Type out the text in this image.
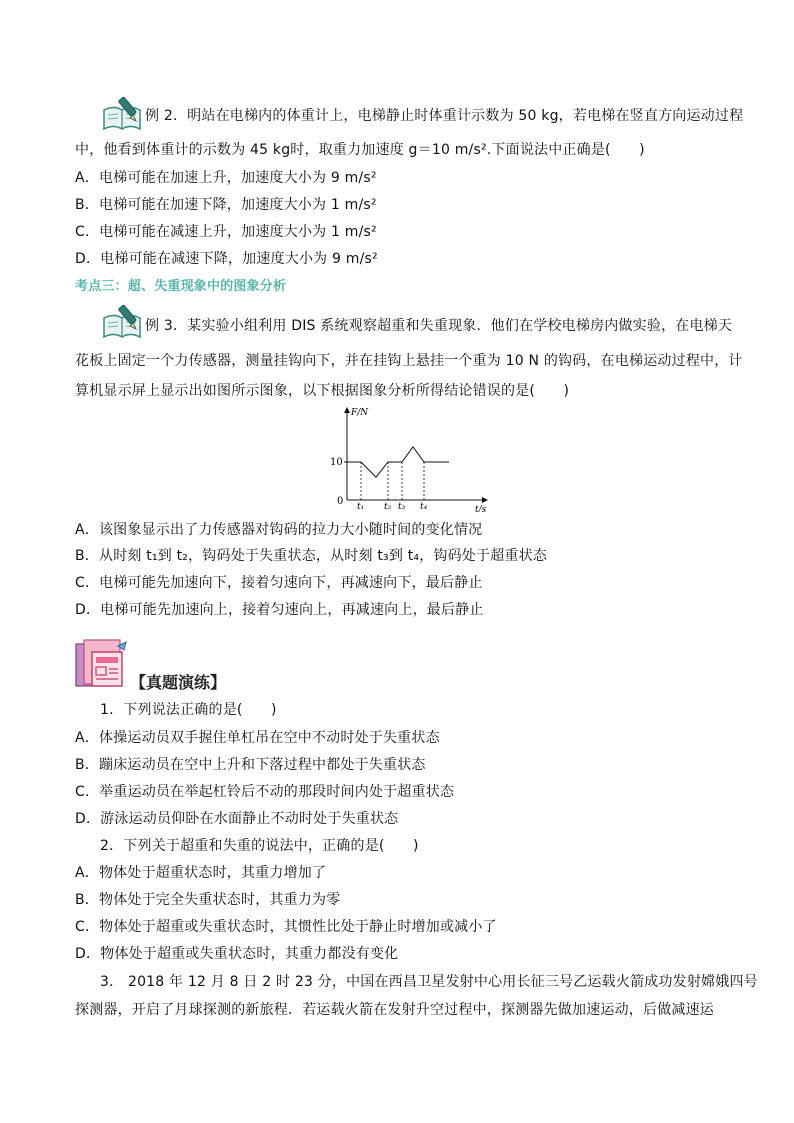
例 2．明站在电梯内的体重计上，电梯静止时体重计示数为 50 kg，若电梯在竖直方向运动过程
中，他看到体重计的示数为 45 kg时，取重力加速度 g＝10 m/s².下面说法中正确是(　　)
A．电梯可能在加速上升，加速度大小为 9 m/s²
B．电梯可能在加速下降，加速度大小为 1 m/s²
C．电梯可能在减速上升，加速度大小为 1 m/s²
D．电梯可能在减速下降，加速度大小为 9 m/s²
考点三：超、失重现象中的图象分析
例 3．某实验小组利用 DIS 系统观察超重和失重现象．他们在学校电梯房内做实验，在电梯天
花板上固定一个力传感器，测量挂钩向下，并在挂钩上悬挂一个重为 10 N 的钩码，在电梯运动过程中，计
算机显示屏上显示出如图所示图象，以下根据图象分析所得结论错误的是(　　)
F/N
t/s
0
10
t₁ t₂ t₃ t₄
A．该图象显示出了力传感器对钩码的拉力大小随时间的变化情况
B．从时刻 t₁到 t₂，钩码处于失重状态，从时刻 t₃到 t₄，钩码处于超重状态
C．电梯可能先加速向下，接着匀速向下，再减速向下，最后静止
D．电梯可能先加速向上，接着匀速向上，再减速向上，最后静止
【真题演练】
1．下列说法正确的是(　　)
A．体操运动员双手握住单杠吊在空中不动时处于失重状态
B．蹦床运动员在空中上升和下落过程中都处于失重状态
C．举重运动员在举起杠铃后不动的那段时间内处于超重状态
D．游泳运动员仰卧在水面静止不动时处于失重状态
2．下列关于超重和失重的说法中，正确的是(　　)
A．物体处于超重状态时，其重力增加了
B．物体处于完全失重状态时，其重力为零
C．物体处于超重或失重状态时，其惯性比处于静止时增加或减小了
D．物体处于超重或失重状态时，其重力都没有变化
3． 2018 年 12 月 8 日 2 时 23 分，中国在西昌卫星发射中心用长征三号乙运载火箭成功发射嫦娥四号
探测器，开启了月球探测的新旅程．若运载火箭在发射升空过程中，探测器先做加速运动，后做减速运
